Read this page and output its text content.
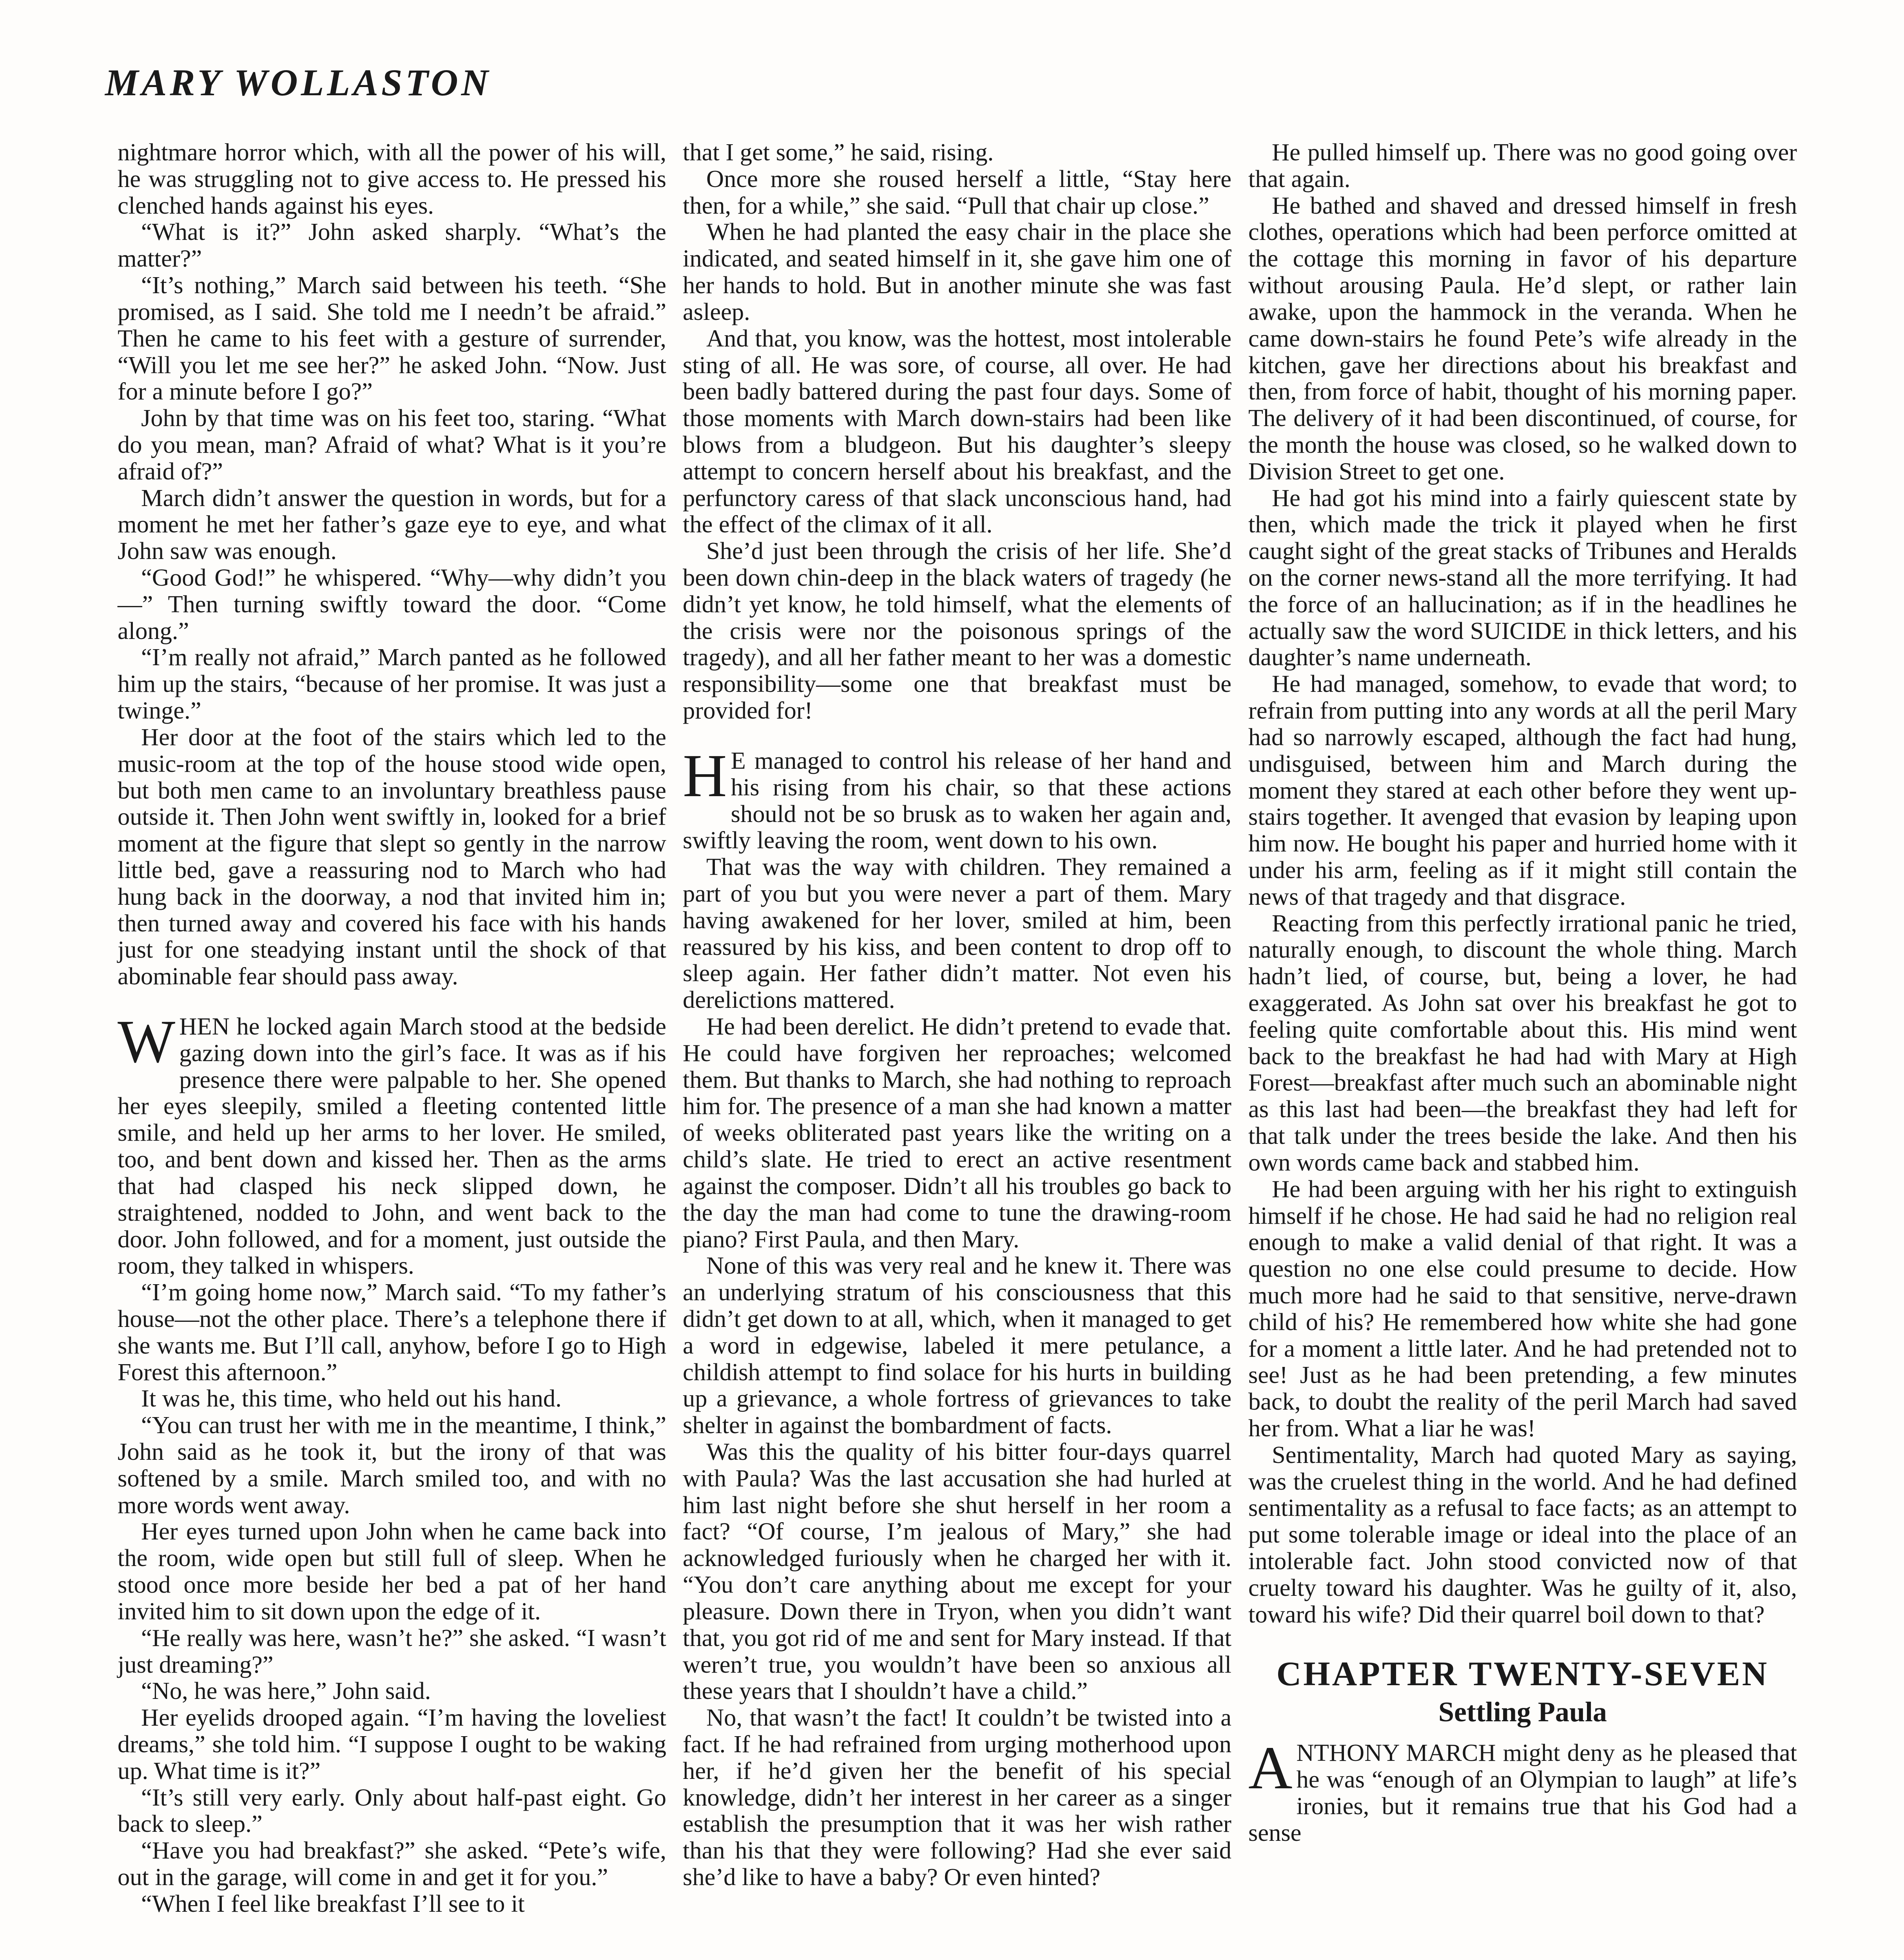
MARY WOLLASTON

nightmare horror which, with all the power of his will, he was struggling not to give access to. He pressed his clenched hands against his eyes.

“What is it?” John asked sharply. “What’s the matter?”

“It’s nothing,” March said between his teeth. “She promised, as I said. She told me I needn’t be afraid.” Then he came to his feet with a gesture of surrender, “Will you let me see her?” he asked John. “Now. Just for a minute before I go?”

John by that time was on his feet too, staring. “What do you mean, man? Afraid of what? What is it you’re afraid of?”

March didn’t answer the question in words, but for a moment he met her father’s gaze eye to eye, and what John saw was enough.

“Good God!” he whispered. “Why—why didn’t you—” Then turning swiftly toward the door. “Come along.”

“I’m really not afraid,” March panted as he followed him up the stairs, “because of her promise. It was just a twinge.”

Her door at the foot of the stairs which led to the music-room at the top of the house stood wide open, but both men came to an involuntary breathless pause outside it. Then John went swiftly in, looked for a brief moment at the figure that slept so gently in the narrow little bed, gave a reassuring nod to March who had hung back in the doorway, a nod that invited him in; then turned away and covered his face with his hands just for one steadying instant until the shock of that abominable fear should pass away.

WHEN he locked again March stood at the bedside gazing down into the girl’s face. It was as if his presence there were palpable to her. She opened her eyes sleepily, smiled a fleeting contented little smile, and held up her arms to her lover. He smiled, too, and bent down and kissed her. Then as the arms that had clasped his neck slipped down, he straightened, nodded to John, and went back to the door. John followed, and for a moment, just outside the room, they talked in whispers.

“I’m going home now,” March said. “To my father’s house—not the other place. There’s a telephone there if she wants me. But I’ll call, anyhow, before I go to High Forest this afternoon.”

It was he, this time, who held out his hand.

“You can trust her with me in the meantime, I think,” John said as he took it, but the irony of that was softened by a smile. March smiled too, and with no more words went away.

Her eyes turned upon John when he came back into the room, wide open but still full of sleep. When he stood once more beside her bed a pat of her hand invited him to sit down upon the edge of it.

“He really was here, wasn’t he?” she asked. “I wasn’t just dreaming?”

“No, he was here,” John said.

Her eyelids drooped again. “I’m having the loveliest dreams,” she told him. “I suppose I ought to be waking up. What time is it?”

“It’s still very early. Only about half-past eight. Go back to sleep.”

“Have you had breakfast?” she asked. “Pete’s wife, out in the garage, will come in and get it for you.”

“When I feel like breakfast I’ll see to it

that I get some,” he said, rising.

Once more she roused herself a little, “Stay here then, for a while,” she said. “Pull that chair up close.”

When he had planted the easy chair in the place she indicated, and seated himself in it, she gave him one of her hands to hold. But in another minute she was fast asleep.

And that, you know, was the hottest, most intolerable sting of all. He was sore, of course, all over. He had been badly battered during the past four days. Some of those moments with March down-stairs had been like blows from a bludgeon. But his daughter’s sleepy attempt to concern herself about his breakfast, and the perfunctory caress of that slack unconscious hand, had the effect of the climax of it all.

She’d just been through the crisis of her life. She’d been down chin-deep in the black waters of tragedy (he didn’t yet know, he told himself, what the elements of the crisis were nor the poisonous springs of the tragedy), and all her father meant to her was a domestic responsibility—some one that breakfast must be provided for!

H E managed to control his release of her hand and his rising from his chair, so that these actions should not be so brusk as to waken her again and, swiftly leaving the room, went down to his own.

That was the way with children. They remained a part of you but you were never a part of them. Mary having awakened for her lover, smiled at him, been reassured by his kiss, and been content to drop off to sleep again. Her father didn’t matter. Not even his derelictions mattered.

He had been derelict. He didn’t pretend to evade that. He could have forgiven her reproaches; welcomed them. But thanks to March, she had nothing to reproach him for. The presence of a man she had known a matter of weeks obliterated past years like the writing on a child’s slate. He tried to erect an active resentment against the composer. Didn’t all his troubles go back to the day the man had come to tune the drawing-room piano? First Paula, and then Mary.

None of this was very real and he knew it. There was an underlying stratum of his consciousness that this didn’t get down to at all, which, when it managed to get a word in edgewise, labeled it mere petulance, a childish attempt to find solace for his hurts in building up a grievance, a whole fortress of grievances to take shelter in against the bombardment of facts.

Was this the quality of his bitter four-days quarrel with Paula? Was the last accusation she had hurled at him last night before she shut herself in her room a fact? “Of course, I’m jealous of Mary,” she had acknowledged furiously when he charged her with it. “You don’t care anything about me except for your pleasure. Down there in Tryon, when you didn’t want that, you got rid of me and sent for Mary instead. If that weren’t true, you wouldn’t have been so anxious all these years that I shouldn’t have a child.”

No, that wasn’t the fact! It couldn’t be twisted into a fact. If he had refrained from urging motherhood upon her, if he’d given her the benefit of his special knowledge, didn’t her interest in her career as a singer establish the presumption that it was her wish rather than his that they were following? Had she ever said she’d like to have a baby? Or even hinted?

He pulled himself up. There was no good going over that again.

He bathed and shaved and dressed himself in fresh clothes, operations which had been perforce omitted at the cottage this morning in favor of his departure without arousing Paula. He’d slept, or rather lain awake, upon the hammock in the veranda. When he came down-stairs he found Pete’s wife already in the kitchen, gave her directions about his breakfast and then, from force of habit, thought of his morning paper. The delivery of it had been discontinued, of course, for the month the house was closed, so he walked down to Division Street to get one.

He had got his mind into a fairly quiescent state by then, which made the trick it played when he first caught sight of the great stacks of Tribunes and Heralds on the corner news-stand all the more terrifying. It had the force of an hallucination; as if in the headlines he actually saw the word SUICIDE in thick letters, and his daughter’s name underneath.

He had managed, somehow, to evade that word; to refrain from putting into any words at all the peril Mary had so narrowly escaped, although the fact had hung, undisguised, between him and March during the moment they stared at each other before they went up-stairs together. It avenged that evasion by leaping upon him now. He bought his paper and hurried home with it under his arm, feeling as if it might still contain the news of that tragedy and that disgrace.

Reacting from this perfectly irrational panic he tried, naturally enough, to discount the whole thing. March hadn’t lied, of course, but, being a lover, he had exaggerated. As John sat over his breakfast he got to feeling quite comfortable about this. His mind went back to the breakfast he had had with Mary at High Forest—breakfast after much such an abominable night as this last had been—the breakfast they had left for that talk under the trees beside the lake. And then his own words came back and stabbed him.

He had been arguing with her his right to extinguish himself if he chose. He had said he had no religion real enough to make a valid denial of that right. It was a question no one else could presume to decide. How much more had he said to that sensitive, nerve-drawn child of his? He remembered how white she had gone for a moment a little later. And he had pretended not to see! Just as he had been pretending, a few minutes back, to doubt the reality of the peril March had saved her from. What a liar he was!

Sentimentality, March had quoted Mary as saying, was the cruelest thing in the world. And he had defined sentimentality as a refusal to face facts; as an attempt to put some tolerable image or ideal into the place of an intolerable fact. John stood convicted now of that cruelty toward his daughter. Was he guilty of it, also, toward his wife? Did their quarrel boil down to that?

CHAPTER TWENTY-SEVEN
Settling Paula

ANTHONY MARCH might deny as he pleased that he was “enough of an Olympian to laugh” at life’s ironies, but it remains true that his God had a sense
